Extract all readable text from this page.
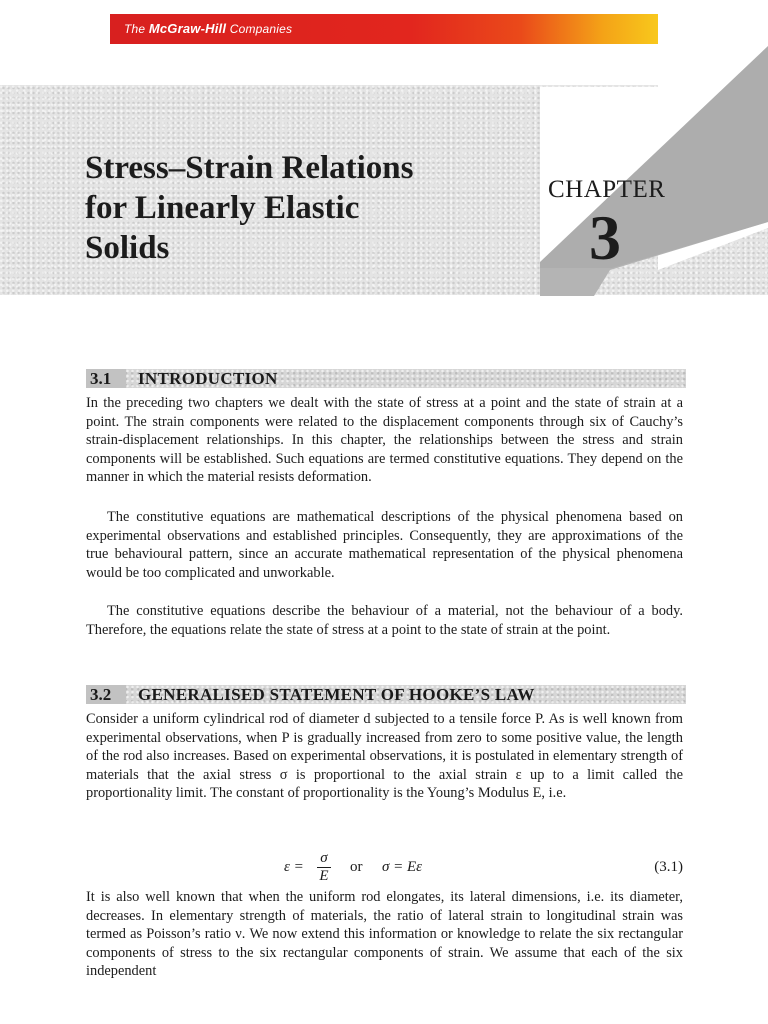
The McGraw-Hill Companies
Stress–Strain Relations
for Linearly Elastic
Solids
CHAPTER
3
3.1 INTRODUCTION

In the preceding two chapters we dealt with the state of stress at a point and the state of strain at a point. The strain components were related to the displacement components through six of Cauchy’s strain-displacement relationships. In this chapter, the relationships between the stress and strain components will be established. Such equations are termed constitutive equations. They depend on the manner in which the material resists deformation.

The constitutive equations are mathematical descriptions of the physical phenomena based on experimental observations and established principles. Consequently, they are approximations of the true behavioural pattern, since an accurate mathematical representation of the physical phenomena would be too complicated and unworkable.

The constitutive equations describe the behaviour of a material, not the behaviour of a body. Therefore, the equations relate the state of stress at a point to the state of strain at the point.

3.2 GENERALISED STATEMENT OF HOOKE’S LAW

Consider a uniform cylindrical rod of diameter d subjected to a tensile force P. As is well known from experimental observations, when P is gradually increased from zero to some positive value, the length of the rod also increases. Based on experimental observations, it is postulated in elementary strength of materials that the axial stress σ is proportional to the axial strain ε up to a limit called the proportionality limit. The constant of proportionality is the Young’s Modulus E, i.e.

ε =
σ
E
or σ = Eε	(3.1)

It is also well known that when the uniform rod elongates, its lateral dimensions, i.e. its diameter, decreases. In elementary strength of materials, the ratio of lateral strain to longitudinal strain was termed as Poisson’s ratio ν. We now extend this information or knowledge to relate the six rectangular components of stress to the six rectangular components of strain. We assume that each of the six independent
